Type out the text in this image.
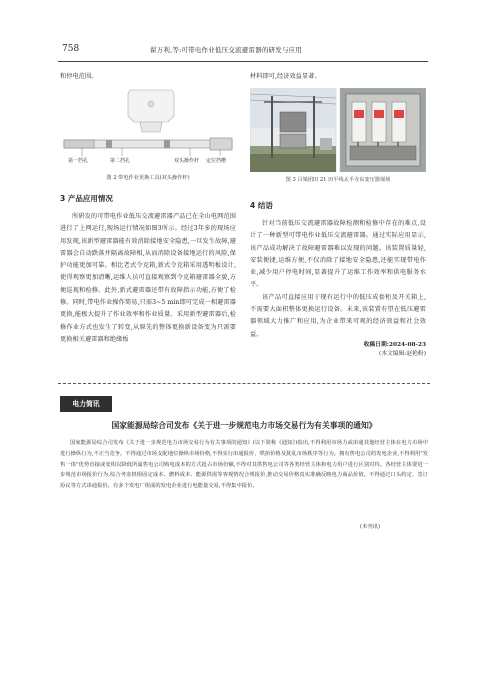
758	翟万利,等:可带电作业低压交流避雷器的研发与应用

和停电范围。

第一挡孔	第二挡孔	双头操作杆 定位挡槽

图 2 带电作业更换工具(双头操作杆)

3 产品应用情况

所研发的可带电作业低压交流避雷器产品已在全山电网范围进行了上网运行,现场运行情况如图3所示。经过3年多的现场应用发现,该新型避雷器能有效消除接地安全隐患,一旦发生故障,避雷器会自动跌落并隔离故障相,从而消除设备接地运行的风险,保护功能更加可靠。相比老式令克箱,新式令克箱采用透明板设计,使得观察更加清晰,运维人员可直接观察到令克箱避雷器全貌,方便巡视和检修。此外,新式避雷器还带有故障指示功能,方便了检修。同时,带电作业操作简易,只需3~5 min即可完成一相避雷器更换,能极大提升了作业效率和作业质量。采用新型避雷器后,检修作业方式也发生了转变,从原先的整体更换新设备变为只需要更换相关避雷器和绝缘板

材料即可,经济效益显著。

图 3 吕梁团田 21 田平线太平寺东变压器现场

4 结语

针对当前低压交流避雷器故障检测和检修中存在的难点,设计了一种新型可带电作业低压交流避雷器。通过实际应用显示,该产品成功解决了故障避雷器难以发现的问题。该装置质量轻,安装便捷,运维方便,不仅消除了接地安全隐患,还能实现带电作业,减少用户停电时间,显著提升了运维工作效率和供电服务水平。

该产品可直接应用于现有运行中的低压成套柜及开关箱上,不需要大面积整体更换运行设备。未来,该装置有望在低压避雷器领域大力推广和应用,为企业带来可观的经济效益和社会效益。

收稿日期:2024-08-23

(本文编辑:赵艳粉)

电力简讯
国家能源局综合司发布《关于进一步规范电力市场交易行为有关事项的通知》

国家能源局综合司发布《关于进一步规范电力市场交易行为有关事项的通知》(以下简称《通知》)指出,不得利用市场力或串通其他经营主体在电力市场中进行操纵行为,不正当竞争。不得通过市场支配地位操纵市场价格,不得实行串通报价、哄抬价格及扰乱市场秩序等行为。拥有售电公司的发电企业,不得利用"发售一体"优势直接或变相以降低所属售电公司购电成本的方式抢占市场份额,不得对其供售电公司等各类经营主体和电力用户进行区别对待。各经营主体要进一步规范市场报价行为,综合考虑机组固定成本、燃料成本、能源供需等客观情况合规报价,推动交易价格真实准确反映电力商品价值。不得通过口头约定、签订协议等方式串通报价。有多个发电厂组成的发电企业进行电能量交易,不得集中报价。

(本刊讯)
